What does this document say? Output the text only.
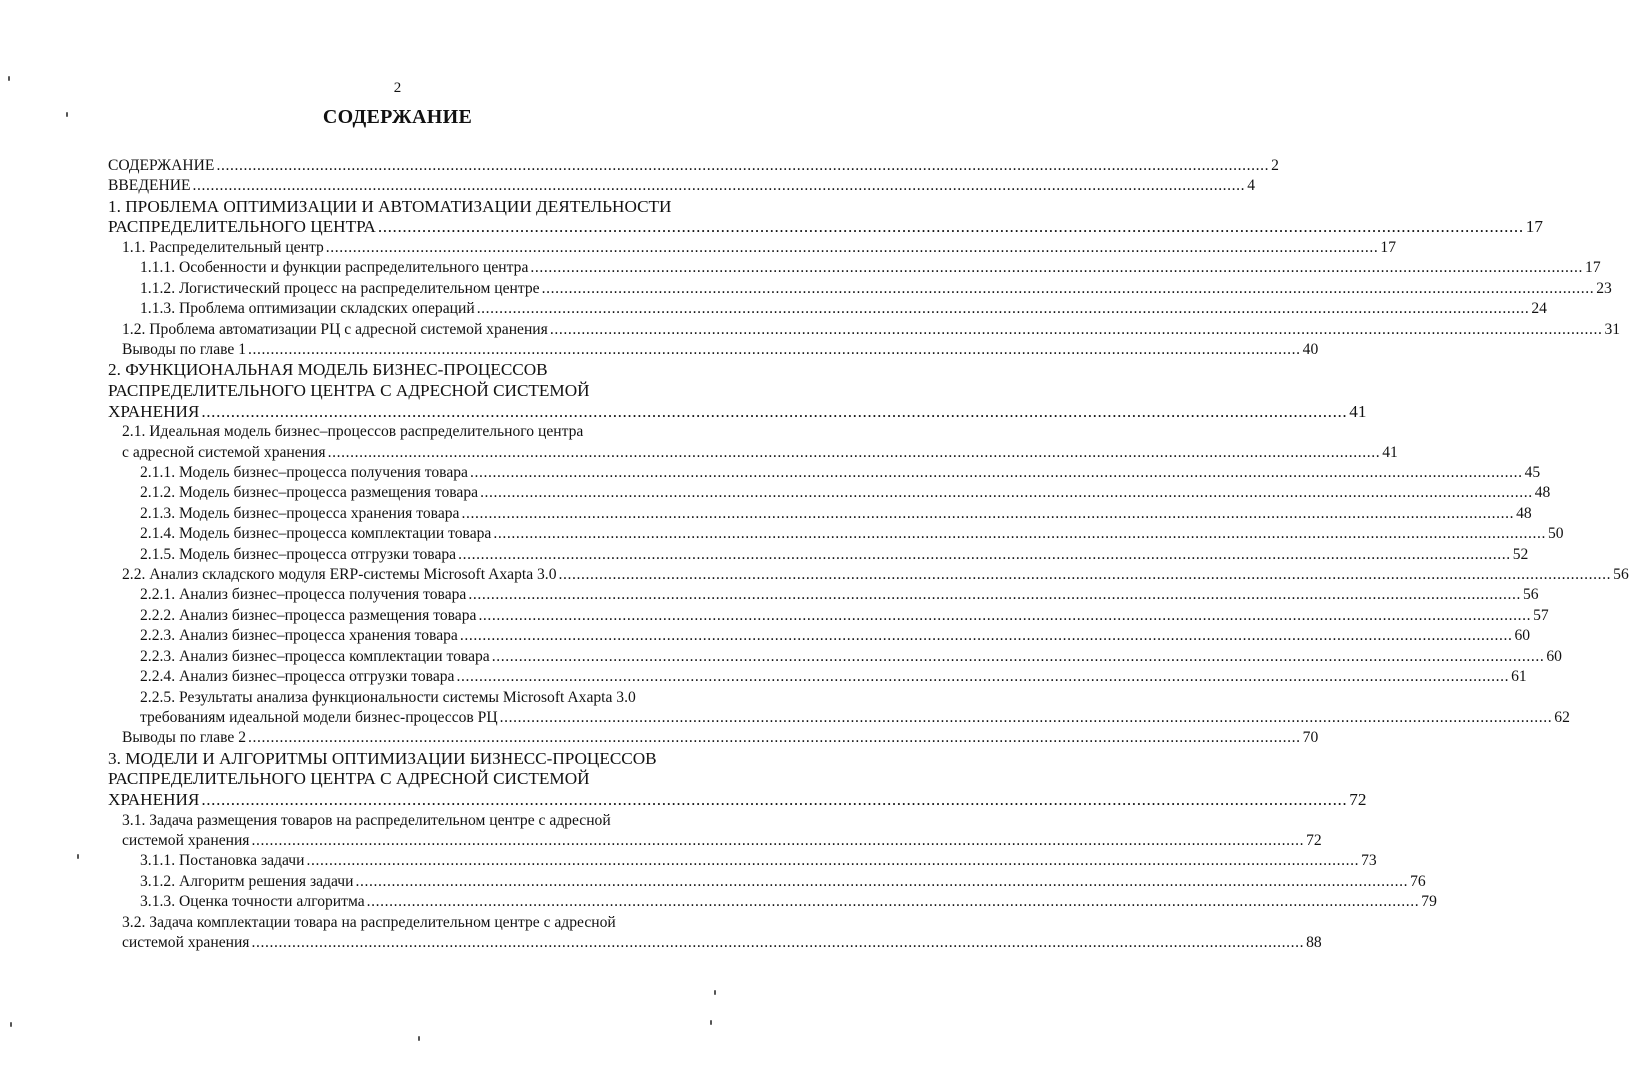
2
СОДЕРЖАНИЕ
СОДЕРЖАНИЕ .......................................................................................................................................................................................................................................... 2
ВВЕДЕНИЕ .......................................................................................................................................................................................................................................... 4
1. ПРОБЛЕМА ОПТИМИЗАЦИИ И АВТОМАТИЗАЦИИ ДЕЯТЕЛЬНОСТИ
РАСПРЕДЕЛИТЕЛЬНОГО ЦЕНТРА .......................................................................................................................................................................................................................................... 17
1.1. Распределительный центр .......................................................................................................................................................................................................................................... 17
1.1.1. Особенности и функции распределительного центра .......................................................................................................................................................................................................................................... 17
1.1.2. Логистический процесс на распределительном центре .......................................................................................................................................................................................................................................... 23
1.1.3. Проблема оптимизации складских операций .......................................................................................................................................................................................................................................... 24
1.2. Проблема автоматизации РЦ с адресной системой хранения .......................................................................................................................................................................................................................................... 31
Выводы по главе 1 .......................................................................................................................................................................................................................................... 40
2. ФУНКЦИОНАЛЬНАЯ МОДЕЛЬ БИЗНЕС-ПРОЦЕССОВ
РАСПРЕДЕЛИТЕЛЬНОГО ЦЕНТРА С АДРЕСНОЙ СИСТЕМОЙ
ХРАНЕНИЯ .......................................................................................................................................................................................................................................... 41
2.1. Идеальная модель бизнес–процессов распределительного центра
с адресной системой хранения .......................................................................................................................................................................................................................................... 41
2.1.1. Модель бизнес–процесса получения товара .......................................................................................................................................................................................................................................... 45
2.1.2. Модель бизнес–процесса размещения товара .......................................................................................................................................................................................................................................... 48
2.1.3. Модель бизнес–процесса хранения товара .......................................................................................................................................................................................................................................... 48
2.1.4. Модель бизнес–процесса комплектации товара .......................................................................................................................................................................................................................................... 50
2.1.5. Модель бизнес–процесса отгрузки товара .......................................................................................................................................................................................................................................... 52
2.2. Анализ складского модуля ERP-системы Microsoft Axapta 3.0 .......................................................................................................................................................................................................................................... 56
2.2.1. Анализ бизнес–процесса получения товара .......................................................................................................................................................................................................................................... 56
2.2.2. Анализ бизнес–процесса размещения товара .......................................................................................................................................................................................................................................... 57
2.2.3. Анализ бизнес–процесса хранения товара .......................................................................................................................................................................................................................................... 60
2.2.3. Анализ бизнес–процесса комплектации товара .......................................................................................................................................................................................................................................... 60
2.2.4. Анализ бизнес–процесса отгрузки товара .......................................................................................................................................................................................................................................... 61
2.2.5. Результаты анализа функциональности системы Microsoft Axapta 3.0
требованиям идеальной модели бизнес-процессов РЦ .......................................................................................................................................................................................................................................... 62
Выводы по главе 2 .......................................................................................................................................................................................................................................... 70
3. МОДЕЛИ И АЛГОРИТМЫ ОПТИМИЗАЦИИ БИЗНЕСС-ПРОЦЕССОВ
РАСПРЕДЕЛИТЕЛЬНОГО ЦЕНТРА С АДРЕСНОЙ СИСТЕМОЙ
ХРАНЕНИЯ .......................................................................................................................................................................................................................................... 72
3.1. Задача размещения товаров на распределительном центре с адресной
системой хранения .......................................................................................................................................................................................................................................... 72
3.1.1. Постановка задачи .......................................................................................................................................................................................................................................... 73
3.1.2. Алгоритм решения задачи .......................................................................................................................................................................................................................................... 76
3.1.3. Оценка точности алгоритма .......................................................................................................................................................................................................................................... 79
3.2. Задача комплектации товара на распределительном центре с адресной
системой хранения .......................................................................................................................................................................................................................................... 88
